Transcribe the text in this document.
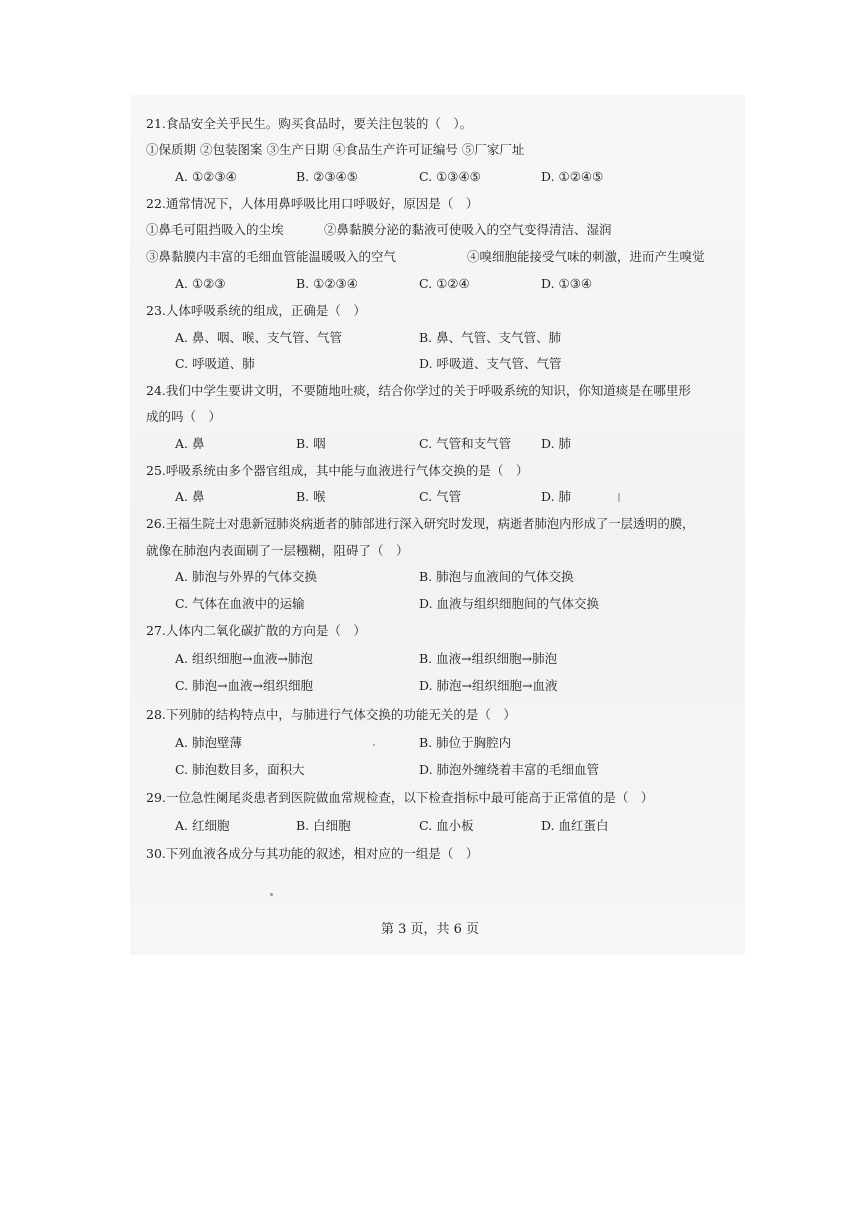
21.食品安全关乎民生。购买食品时，要关注包装的（　）。
①保质期 ②包装图案 ③生产日期 ④食品生产许可证编号 ⑤厂家厂址
A. ①②③④	B. ②③④⑤	C. ①③④⑤	D. ①②④⑤
22.通常情况下，人体用鼻呼吸比用口呼吸好，原因是（　）
①鼻毛可阻挡吸入的尘埃	②鼻黏膜分泌的黏液可使吸入的空气变得清洁、湿润
③鼻黏膜内丰富的毛细血管能温暖吸入的空气	④嗅细胞能接受气味的刺激，进而产生嗅觉
A. ①②③	B. ①②③④	C. ①②④	D. ①③④
23.人体呼吸系统的组成，正确是（　）
A. 鼻、咽、喉、支气管、气管	B. 鼻、气管、支气管、肺
C. 呼吸道、肺	D. 呼吸道、支气管、气管
24.我们中学生要讲文明，不要随地吐痰，结合你学过的关于呼吸系统的知识，你知道痰是在哪里形
成的吗（　）
A. 鼻	B. 咽	C. 气管和支气管 D. 肺
25.呼吸系统由多个器官组成，其中能与血液进行气体交换的是（　）
A. 鼻	B. 喉	C. 气管	D. 肺
26.王福生院士对患新冠肺炎病逝者的肺部进行深入研究时发现，病逝者肺泡内形成了一层透明的膜，
就像在肺泡内表面刷了一层糨糊，阻碍了（　）
A. 肺泡与外界的气体交换	B. 肺泡与血液间的气体交换
C. 气体在血液中的运输	D. 血液与组织细胞间的气体交换
27.人体内二氧化碳扩散的方向是（　）
A. 组织细胞→血液→肺泡	B. 血液→组织细胞→肺泡
C. 肺泡→血液→组织细胞	D. 肺泡→组织细胞→血液
28.下列肺的结构特点中，与肺进行气体交换的功能无关的是（　）
A. 肺泡壁薄	B. 肺位于胸腔内
C. 肺泡数目多，面积大	D. 肺泡外缠绕着丰富的毛细血管
29.一位急性阑尾炎患者到医院做血常规检查，以下检查指标中最可能高于正常值的是（　）
A. 红细胞	B. 白细胞	C. 血小板	D. 血红蛋白
30.下列血液各成分与其功能的叙述，相对应的一组是（　）
第 3 页，共 6 页
